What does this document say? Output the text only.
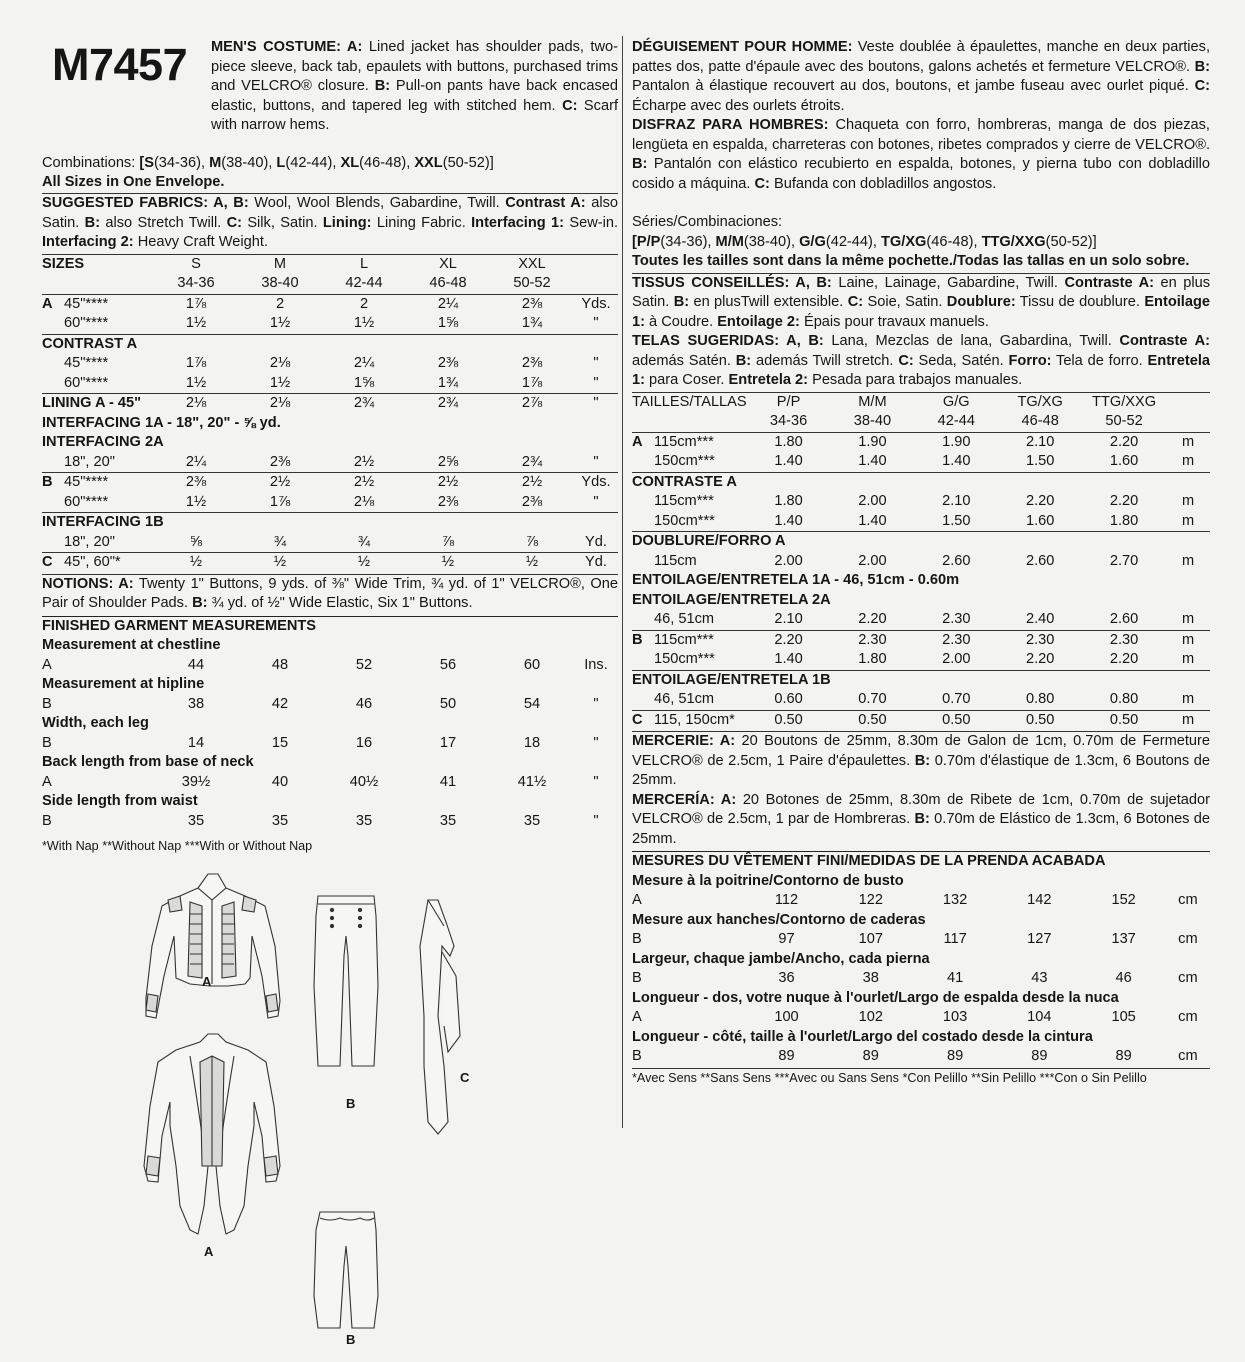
M7457 MEN'S COSTUME: A: Lined jacket has shoulder pads, two-piece sleeve, back tab, epaulets with buttons, purchased trims and VELCRO® closure. B: Pull-on pants have back encased elastic, buttons, and tapered leg with stitched hem. C: Scarf with narrow hems.

Combinations: [S(34-36), M(38-40), L(42-44), XL(46-48), XXL(50-52)]

All Sizes in One Envelope.

SUGGESTED FABRICS: A, B: Wool, Wool Blends, Gabardine, Twill. Contrast A: also Satin. B: also Stretch Twill. C: Silk, Satin. Lining: Lining Fabric. Interfacing 1: Sew-in. Interfacing 2: Heavy Craft Weight.

SIZES	S	M	L	XL	XXL	
	34-36	38-40	42-44	46-48	50-52	
A 45"****	1⅞	2	2	2¼	2⅜	Yds.
60"****	1½	1½	1½	1⅝	1¾	"
CONTRAST A						
45"****	1⅞	2⅛	2¼	2⅜	2⅜	"
60"****	1½	1½	1⅝	1¾	1⅞	"
LINING A - 45"	2⅛	2⅛	2¾	2¾	2⅞	"
INTERFACING 1A - 18", 20" - ⅝ yd.						
INTERFACING 2A						
18", 20"	2¼	2⅜	2½	2⅝	2¾	"
B 45"****	2⅜	2½	2½	2½	2½	Yds.
60"****	1½	1⅞	2⅛	2⅜	2⅜	"
INTERFACING 1B						
18", 20"	⅝	¾	¾	⅞	⅞	Yd.
C 45", 60"*	½	½	½	½	½	Yd.

NOTIONS: A: Twenty 1" Buttons, 9 yds. of ⅜" Wide Trim, ¾ yd. of 1" VELCRO®, One Pair of Shoulder Pads. B: ¾ yd. of ½" Wide Elastic, Six 1" Buttons.

FINISHED GARMENT MEASUREMENTS

Measurement at chestline						
A	44	48	52	56	60	Ins.
Measurement at hipline						
B	38	42	46	50	54	"
Width, each leg						
B	14	15	16	17	18	"
Back length from base of neck						
A	39½	40	40½	41	41½	"
Side length from waist						
B	35	35	35	35	35	"

*With Nap **Without Nap ***With or Without Nap

DÉGUISEMENT POUR HOMME: Veste doublée à épaulettes, manche en deux parties, pattes dos, patte d'épaule avec des boutons, galons achetés et fermeture VELCRO®. B: Pantalon à élastique recouvert au dos, boutons, et jambe fuseau avec ourlet piqué. C: Écharpe avec des ourlets étroits.

DISFRAZ PARA HOMBRES: Chaqueta con forro, hombreras, manga de dos piezas, lengüeta en espalda, charreteras con botones, ribetes comprados y cierre de VELCRO®. B: Pantalón con elástico recubierto en espalda, botones, y pierna tubo con dobladillo cosido a máquina. C: Bufanda con dobladillos angostos.

Séries/Combinaciones:

[P/P(34-36), M/M(38-40), G/G(42-44), TG/XG(46-48), TTG/XXG(50-52)]

Toutes les tailles sont dans la même pochette./Todas las tallas en un solo sobre.

TISSUS CONSEILLÉS: A, B: Laine, Lainage, Gabardine, Twill. Contraste A: en plus Satin. B: en plusTwill extensible. C: Soie, Satin. Doublure: Tissu de doublure. Entoilage 1: à Coudre. Entoilage 2: Épais pour travaux manuels.

TELAS SUGERIDAS: A, B: Lana, Mezclas de lana, Gabardina, Twill. Contraste A: además Satén. B: además Twill stretch. C: Seda, Satén. Forro: Tela de forro. Entretela 1: para Coser. Entretela 2: Pesada para trabajos manuales.

TAILLES/TALLAS	P/P	M/M	G/G	TG/XG	TTG/XXG	
	34-36	38-40	42-44	46-48	50-52	
A 115cm***	1.80	1.90	1.90	2.10	2.20	m
150cm***	1.40	1.40	1.40	1.50	1.60	m
CONTRASTE A						
115cm***	1.80	2.00	2.10	2.20	2.20	m
150cm***	1.40	1.40	1.50	1.60	1.80	m
DOUBLURE/FORRO A						
115cm	2.00	2.00	2.60	2.60	2.70	m
ENTOILAGE/ENTRETELA 1A - 46, 51cm - 0.60m						
ENTOILAGE/ENTRETELA 2A						
46, 51cm	2.10	2.20	2.30	2.40	2.60	m
B 115cm***	2.20	2.30	2.30	2.30	2.30	m
150cm***	1.40	1.80	2.00	2.20	2.20	m
ENTOILAGE/ENTRETELA 1B						
46, 51cm	0.60	0.70	0.70	0.80	0.80	m
C 115, 150cm*	0.50	0.50	0.50	0.50	0.50	m

MERCERIE: A: 20 Boutons de 25mm, 8.30m de Galon de 1cm, 0.70m de Fermeture VELCRO® de 2.5cm, 1 Paire d'épaulettes. B: 0.70m d'élastique de 1.3cm, 6 Boutons de 25mm.

MERCERÍA: A: 20 Botones de 25mm, 8.30m de Ribete de 1cm, 0.70m de sujetador VELCRO® de 2.5cm, 1 par de Hombreras. B: 0.70m de Elástico de 1.3cm, 6 Botones de 25mm.

MESURES DU VÊTEMENT FINI/MEDIDAS DE LA PRENDA ACABADA

Mesure à la poitrine/Contorno de busto						
A	112	122	132	142	152	cm
Mesure aux hanches/Contorno de caderas						
B	97	107	117	127	137	cm
Largeur, chaque jambe/Ancho, cada pierna						
B	36	38	41	43	46	cm
Longueur - dos, votre nuque à l'ourlet/Largo de espalda desde la nuca						
A	100	102	103	104	105	cm
Longueur - côté, taille à l'ourlet/Largo del costado desde la cintura						
B	89	89	89	89	89	cm

*Avec Sens **Sans Sens ***Avec ou Sans Sens *Con Pelillo **Sin Pelillo ***Con o Sin Pelillo

A
A
B
B
C
